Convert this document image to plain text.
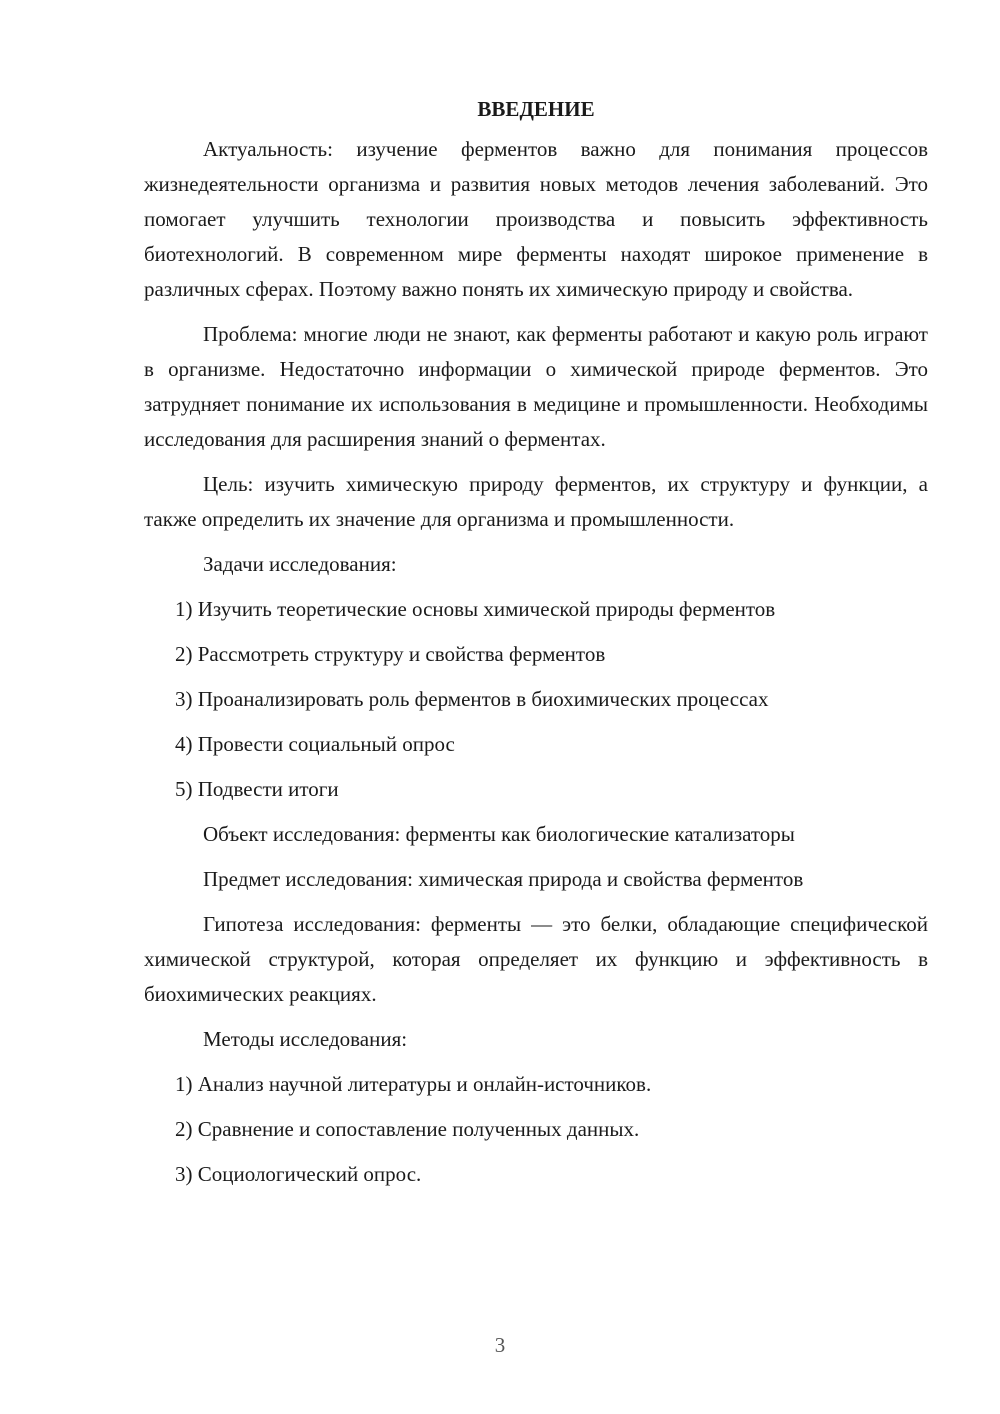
ВВЕДЕНИЕ

Актуальность: изучение ферментов важно для понимания процессов жизнедеятельности организма и развития новых методов лечения заболеваний. Это помогает улучшить технологии производства и повысить эффективность биотехнологий. В современном мире ферменты находят широкое применение в различных сферах. Поэтому важно понять их химическую природу и свойства.

Проблема: многие люди не знают, как ферменты работают и какую роль играют в организме. Недостаточно информации о химической природе ферментов. Это затрудняет понимание их использования в медицине и промышленности. Необходимы исследования для расширения знаний о ферментах.

Цель: изучить химическую природу ферментов, их структуру и функции, а также определить их значение для организма и промышленности.

Задачи исследования:

1) Изучить теоретические основы химической природы ферментов
2) Рассмотреть структуру и свойства ферментов
3) Проанализировать роль ферментов в биохимических процессах
4) Провести социальный опрос
5) Подвести итоги

Объект исследования: ферменты как биологические катализаторы

Предмет исследования: химическая природа и свойства ферментов

Гипотеза исследования: ферменты — это белки, обладающие специфической химической структурой, которая определяет их функцию и эффективность в биохимических реакциях.

Методы исследования:

1) Анализ научной литературы и онлайн-источников.
2) Сравнение и сопоставление полученных данных.
3) Социологический опрос.
3
